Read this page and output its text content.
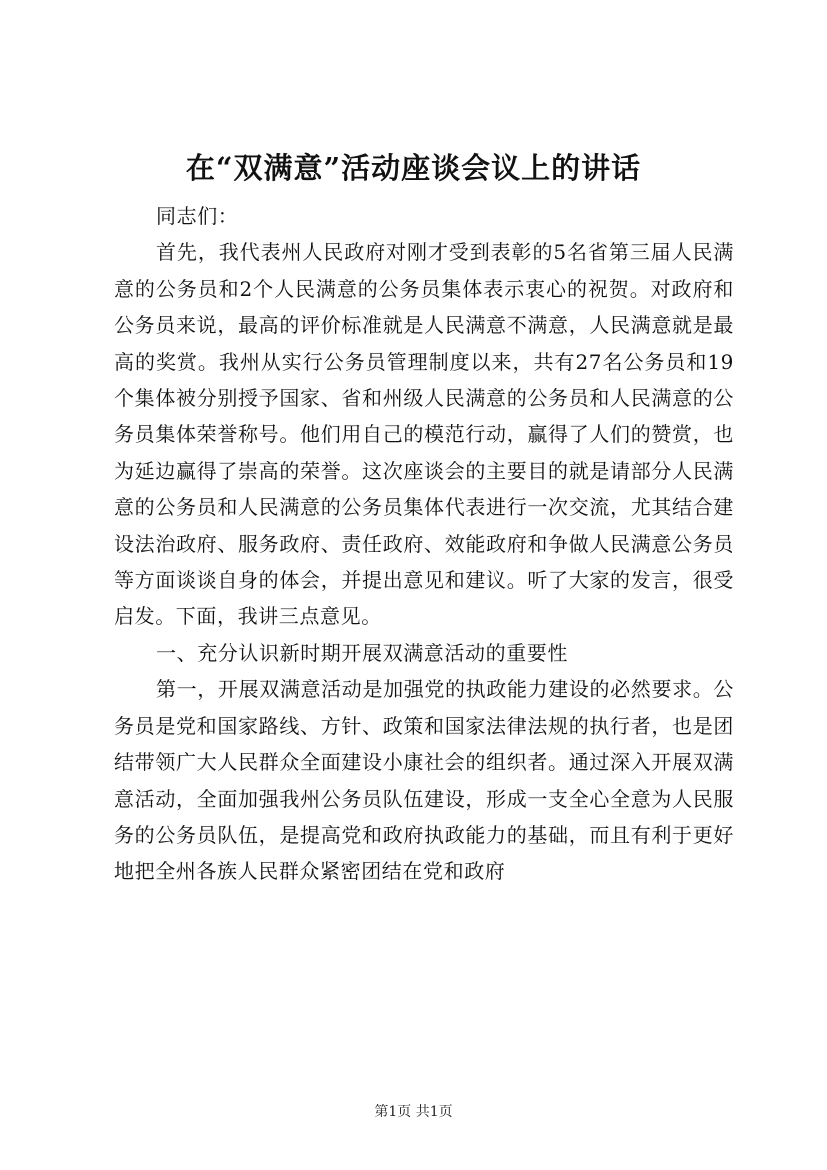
在“双满意”活动座谈会议上的讲话

同志们：

首先，我代表州人民政府对刚才受到表彰的5名省第三届人民满意的公务员和2个人民满意的公务员集体表示衷心的祝贺。对政府和公务员来说，最高的评价标准就是人民满意不满意，人民满意就是最高的奖赏。我州从实行公务员管理制度以来，共有27名公务员和19个集体被分别授予国家、省和州级人民满意的公务员和人民满意的公务员集体荣誉称号。他们用自己的模范行动，赢得了人们的赞赏，也为延边赢得了崇高的荣誉。这次座谈会的主要目的就是请部分人民满意的公务员和人民满意的公务员集体代表进行一次交流，尤其结合建设法治政府、服务政府、责任政府、效能政府和争做人民满意公务员等方面谈谈自身的体会，并提出意见和建议。听了大家的发言，很受启发。下面，我讲三点意见。

一、充分认识新时期开展双满意活动的重要性

第一，开展双满意活动是加强党的执政能力建设的必然要求。公务员是党和国家路线、方针、政策和国家法律法规的执行者，也是团结带领广大人民群众全面建设小康社会的组织者。通过深入开展双满意活动，全面加强我州公务员队伍建设，形成一支全心全意为人民服务的公务员队伍，是提高党和政府执政能力的基础，而且有利于更好地把全州各族人民群众紧密团结在党和政府

第1页 共1页
